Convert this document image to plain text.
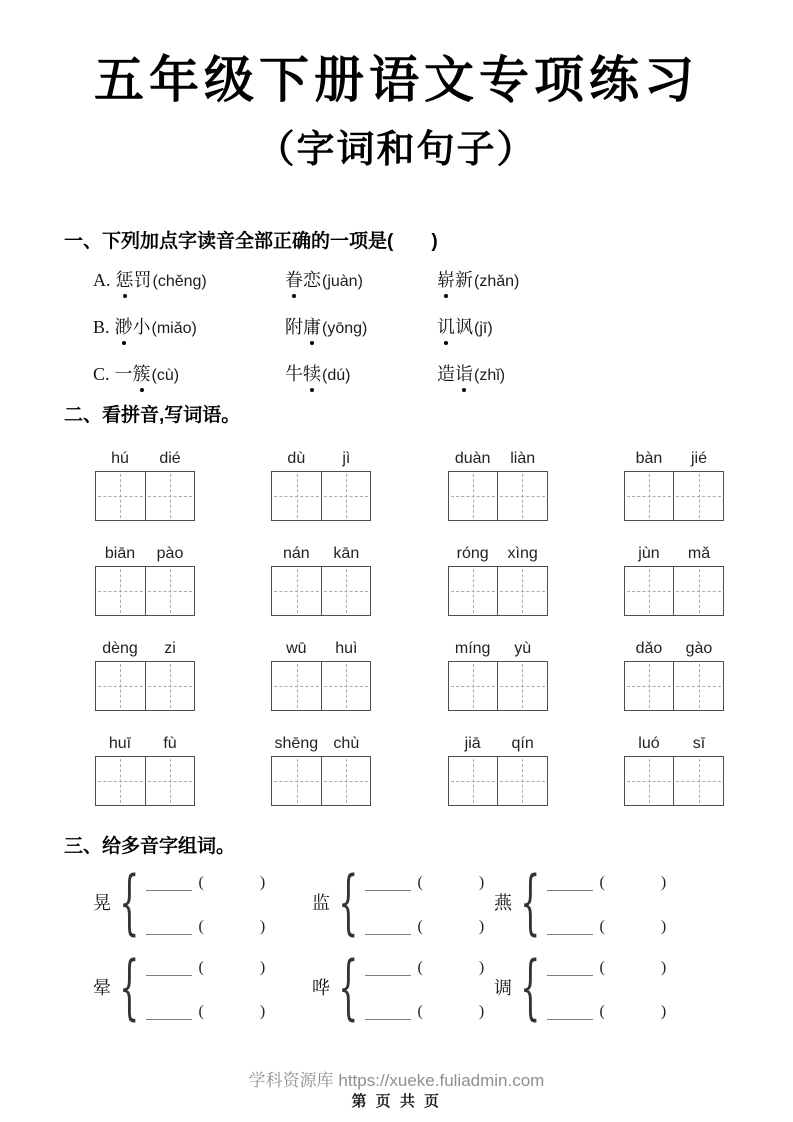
五年级下册语文专项练习
（字词和句子）
一、下列加点字读音全部正确的一项是(　　)
A. 惩 罚 (chěng)	眷 恋 (juàn)	崭 新 (zhǎn)
B. 渺 小 (miǎo)	附 庸 (yōng)	讥 讽 (jī)
C. 一 簇 (cù)	牛 犊 (dú)	造 诣 (zhǐ)
二、看拼音,写词语。
hú	dié	dù	jì	duàn	liàn	bàn	jié
biān	pào	nán	kān	róng	xìng	jùn	mǎ
dèng	zi	wū	huì	míng	yù	dǎo	gào
huī	fù	shēng chù	jiā	qín	luó	sī
三、给多音字组词。
晃 {	(	)
(	)
监 {	(	)
(	)
燕 {	(	)
(	)
晕 {	(	)
(	)
哗 {	(	)
(	)
调 {	(	)
(	)
学科资源库 https://xueke.fuliadmin.com
第 页 共 页
